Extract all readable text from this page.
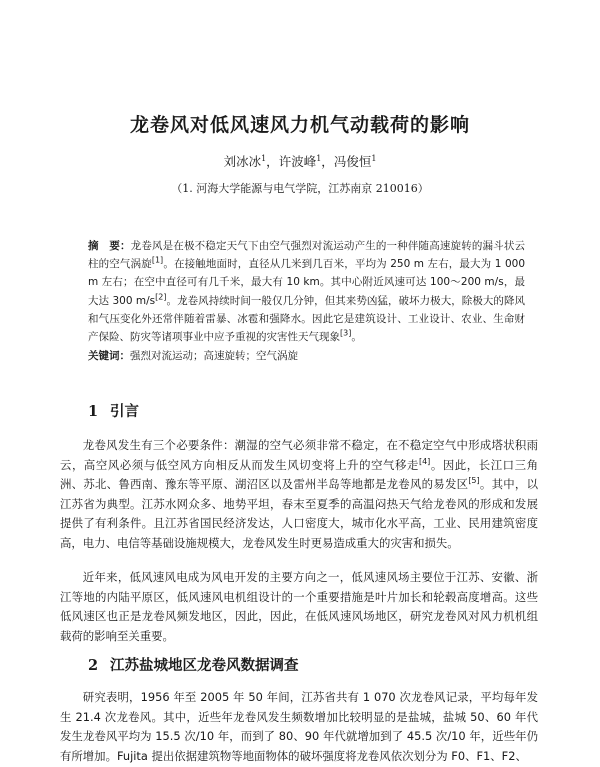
龙卷风对低风速风力机气动载荷的影响
刘冰冰$^1$，许波峰$^1$，冯俊恒$^1$
（1. 河海大学能源与电气学院，江苏南京 210016）
摘　要：龙卷风是在极不稳定天气下由空气强烈对流运动产生的一种伴随高速旋转的漏斗状云柱的空气涡旋[1]。在接触地面时，直径从几米到几百米，平均为 250 m 左右，最大为 1 000 m 左右；在空中直径可有几千米，最大有 10 km。其中心附近风速可达 100～200 m/s，最大达 300 m/s[2]。龙卷风持续时间一般仅几分钟，但其来势凶猛，破坏力极大，除极大的降风和气压变化外还常伴随着雷暴、冰雹和强降水。因此它是建筑设计、工业设计、农业、生命财产保险、防灾等诸项事业中应予重视的灾害性天气现象[3]。
关键词：强烈对流运动；高速旋转；空气涡旋
1 引言
龙卷风发生有三个必要条件：潮湿的空气必须非常不稳定，在不稳定空气中形成塔状积雨云，高空风必须与低空风方向相反从而发生风切变将上升的空气移走[4]。因此，长江口三角洲、苏北、鲁西南、豫东等平原、湖沼区以及雷州半岛等地都是龙卷风的易发区[5]。其中，以江苏省为典型。江苏水网众多、地势平坦，春末至夏季的高温闷热天气给龙卷风的形成和发展提供了有利条件。且江苏省国民经济发达，人口密度大，城市化水平高，工业、民用建筑密度高，电力、电信等基础设施规模大，龙卷风发生时更易造成重大的灾害和损失。
近年来，低风速风电成为风电开发的主要方向之一，低风速风场主要位于江苏、安徽、浙江等地的内陆平原区，低风速风电机组设计的一个重要措施是叶片加长和轮毂高度增高。这些低风速区也正是龙卷风频发地区，因此，因此，在低风速风场地区，研究龙卷风对风力机机组载荷的影响至关重要。
2 江苏盐城地区龙卷风数据调查
研究表明，1956 年至 2005 年 50 年间，江苏省共有 1 070 次龙卷风记录，平均每年发生 21.4 次龙卷风。其中，近些年龙卷风发生频数增加比较明显的是盐城，盐城 50、60 年代发生龙卷风平均为 15.5 次/10 年，而到了 80、90 年代就增加到了 45.5 次/10 年，近些年仍有所增加。Fujita 提出依据建筑物等地面物体的破坏强度将龙卷风依次划分为 F0、F1、F2、
